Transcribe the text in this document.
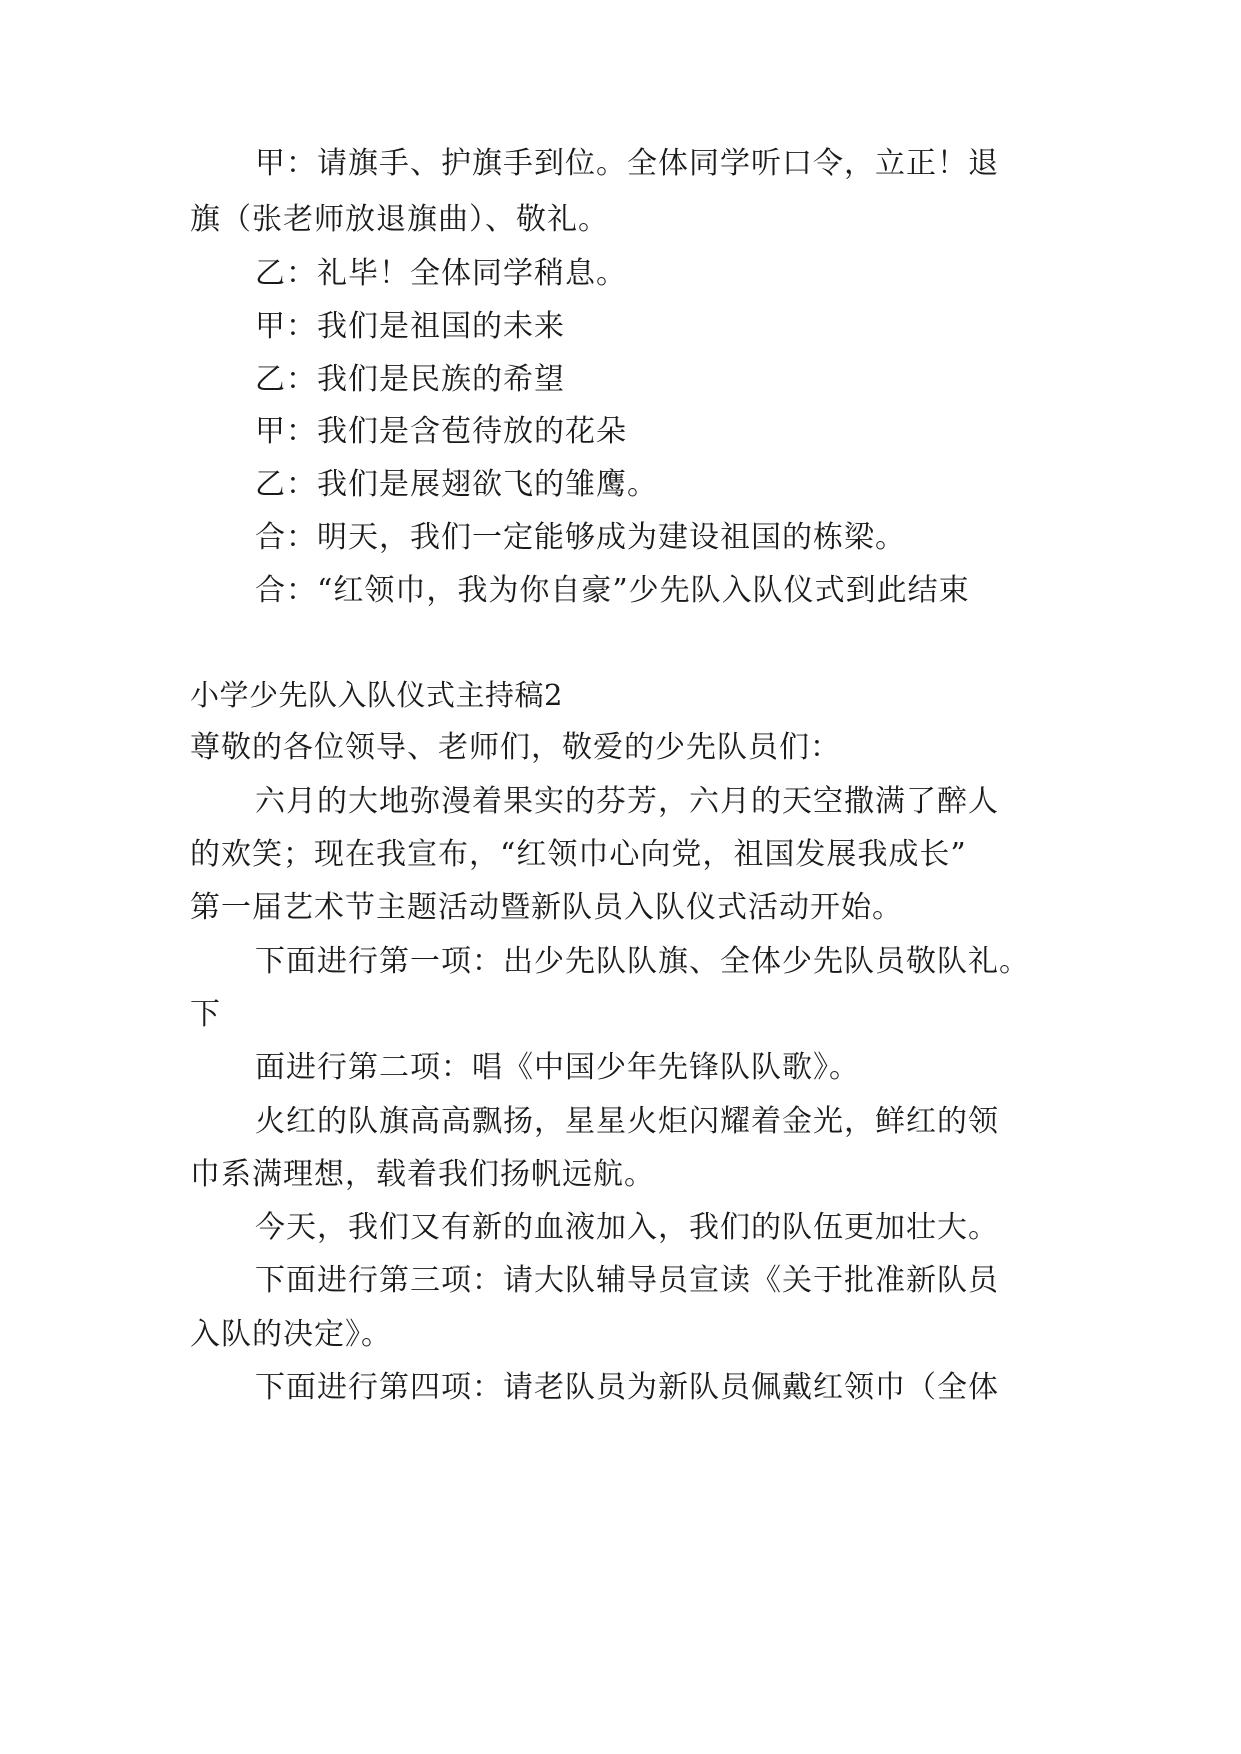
甲：请旗手、护旗手到位。全体同学听口令，立正！退
旗（张老师放退旗曲）、敬礼。
乙：礼毕！全体同学稍息。
甲：我们是祖国的未来
乙：我们是民族的希望
甲：我们是含苞待放的花朵
乙：我们是展翅欲飞的雏鹰。
合：明天，我们一定能够成为建设祖国的栋梁。
合：“红领巾，我为你自豪”少先队入队仪式到此结束
小学少先队入队仪式主持稿2
尊敬的各位领导、老师们，敬爱的少先队员们：
六月的大地弥漫着果实的芬芳，六月的天空撒满了醉人
的欢笑；现在我宣布，“红领巾心向党，祖国发展我成长”
第一届艺术节主题活动暨新队员入队仪式活动开始。
下面进行第一项：出少先队队旗、全体少先队员敬队礼。
下
面进行第二项：唱《中国少年先锋队队歌》。
火红的队旗高高飘扬，星星火炬闪耀着金光，鲜红的领
巾系满理想，载着我们扬帆远航。
今天，我们又有新的血液加入，我们的队伍更加壮大。
下面进行第三项：请大队辅导员宣读《关于批准新队员
入队的决定》。
下面进行第四项：请老队员为新队员佩戴红领巾（全体
